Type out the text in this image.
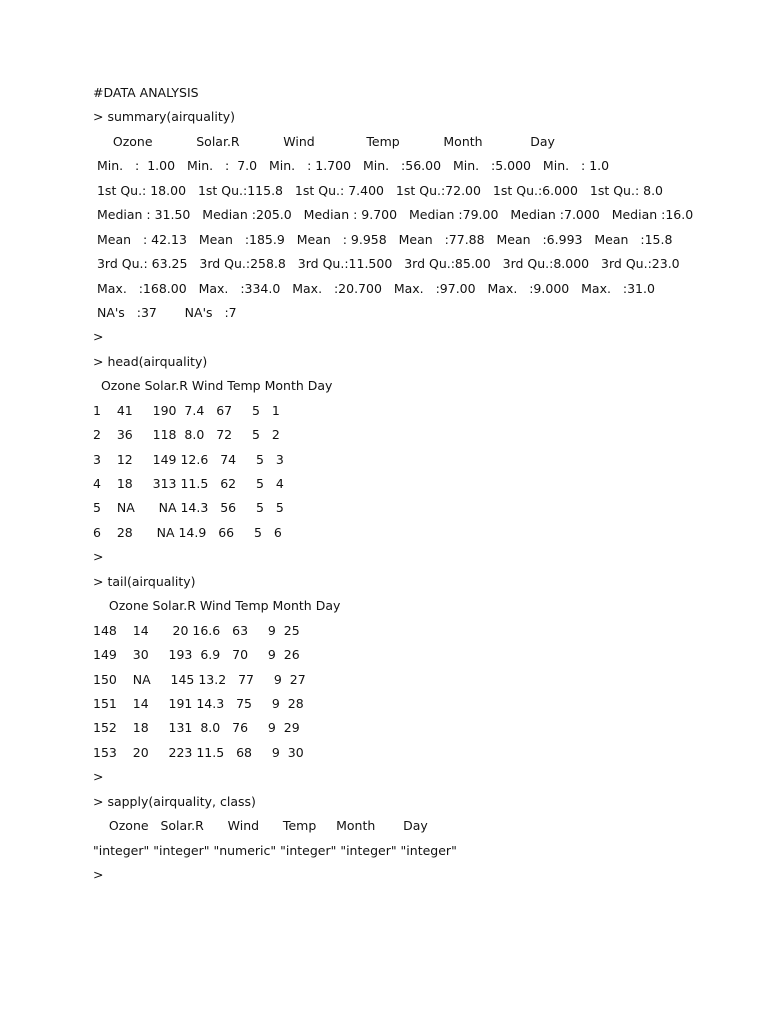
#DATA ANALYSIS
> summary(airquality)
Ozone           Solar.R           Wind             Temp           Month            Day
Min.   :  1.00   Min.   :  7.0   Min.   : 1.700   Min.   :56.00   Min.   :5.000   Min.   : 1.0
1st Qu.: 18.00   1st Qu.:115.8   1st Qu.: 7.400   1st Qu.:72.00   1st Qu.:6.000   1st Qu.: 8.0
Median : 31.50   Median :205.0   Median : 9.700   Median :79.00   Median :7.000   Median :16.0
Mean   : 42.13   Mean   :185.9   Mean   : 9.958   Mean   :77.88   Mean   :6.993   Mean   :15.8
3rd Qu.: 63.25   3rd Qu.:258.8   3rd Qu.:11.500   3rd Qu.:85.00   3rd Qu.:8.000   3rd Qu.:23.0
Max.   :168.00   Max.   :334.0   Max.   :20.700   Max.   :97.00   Max.   :9.000   Max.   :31.0
NA's   :37       NA's   :7
>
> head(airquality)
Ozone Solar.R Wind Temp Month Day
1    41     190  7.4   67     5   1
2    36     118  8.0   72     5   2
3    12     149 12.6   74     5   3
4    18     313 11.5   62     5   4
5    NA      NA 14.3   56     5   5
6    28      NA 14.9   66     5   6
>
> tail(airquality)
Ozone Solar.R Wind Temp Month Day
148    14      20 16.6   63     9  25
149    30     193  6.9   70     9  26
150    NA     145 13.2   77     9  27
151    14     191 14.3   75     9  28
152    18     131  8.0   76     9  29
153    20     223 11.5   68     9  30
>
> sapply(airquality, class)
Ozone   Solar.R      Wind      Temp     Month       Day
"integer" "integer" "numeric" "integer" "integer" "integer"
>
